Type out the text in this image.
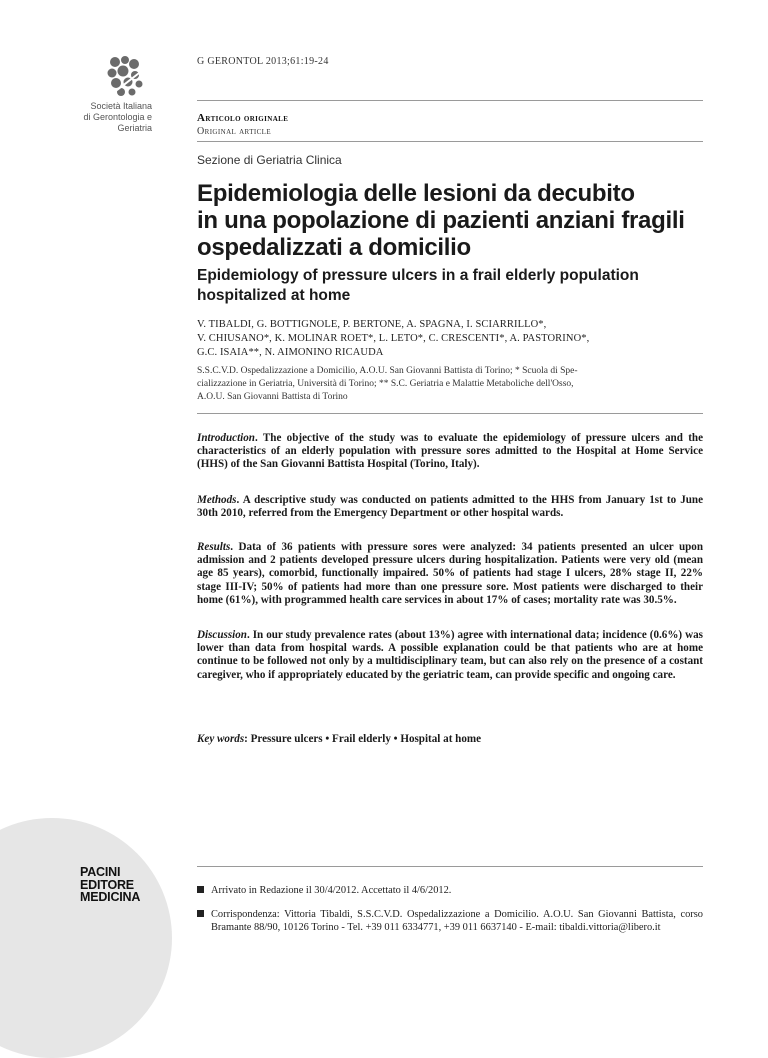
Società Italiana
di Gerontologia e
Geriatria
G GERONTOL 2013;61:19-24
Articolo originale
Original article
Sezione di Geriatria Clinica
Epidemiologia delle lesioni da decubito
in una popolazione di pazienti anziani fragili
ospedalizzati a domicilio
Epidemiology of pressure ulcers in a frail elderly population
hospitalized at home
V. TIBALDI, G. BOTTIGNOLE, P. BERTONE, A. SPAGNA, I. SCIARRILLO*,
V. CHIUSANO*, K. MOLINAR ROET*, L. LETO*, C. CRESCENTI*, A. PASTORINO*,
G.C. ISAIA**, N. AIMONINO RICAUDA
S.S.C.V.D. Ospedalizzazione a Domicilio, A.O.U. San Giovanni Battista di Torino; * Scuola di Spe-
cializzazione in Geriatria, Università di Torino; ** S.C. Geriatria e Malattie Metaboliche dell'Osso,
A.O.U. San Giovanni Battista di Torino
Introduction. The objective of the study was to evaluate the epidemiology of pressure ulcers and the characteristics of an elderly population with pressure sores admitted to the Hospital at Home Service (HHS) of the San Giovanni Battista Hospital (Torino, Italy).
Methods. A descriptive study was conducted on patients admitted to the HHS from January 1st to June 30th 2010, referred from the Emergency Department or other hospital wards.
Results. Data of 36 patients with pressure sores were analyzed: 34 patients presented an ulcer upon admission and 2 patients developed pressure ulcers during hospitalization. Patients were very old (mean age 85 years), comorbid, functionally impaired. 50% of patients had stage I ulcers, 28% stage II, 22% stage III-IV; 50% of patients had more than one pressure sore. Most patients were discharged to their home (61%), with programmed health care services in about 17% of cases; mortality rate was 30.5%.
Discussion. In our study prevalence rates (about 13%) agree with international data; incidence (0.6%) was lower than data from hospital wards. A possible explanation could be that patients who are at home continue to be followed not only by a multidisciplinary team, but can also rely on the presence of a costant caregiver, who if appropriately educated by the geriatric team, can provide specific and ongoing care.
Key words: Pressure ulcers • Frail elderly • Hospital at home
PACINI
EDITORE
MEDICINA	Arrivato in Redazione il 30/4/2012. Accettato il 4/6/2012.
Corrispondenza: Vittoria Tibaldi, S.S.C.V.D. Ospedalizzazione a Domicilio. A.O.U. San Giovanni Battista, corso Bramante 88/90, 10126 Torino - Tel. +39 011 6334771, +39 011 6637140 - E-mail: tibaldi.vittoria@libero.it
